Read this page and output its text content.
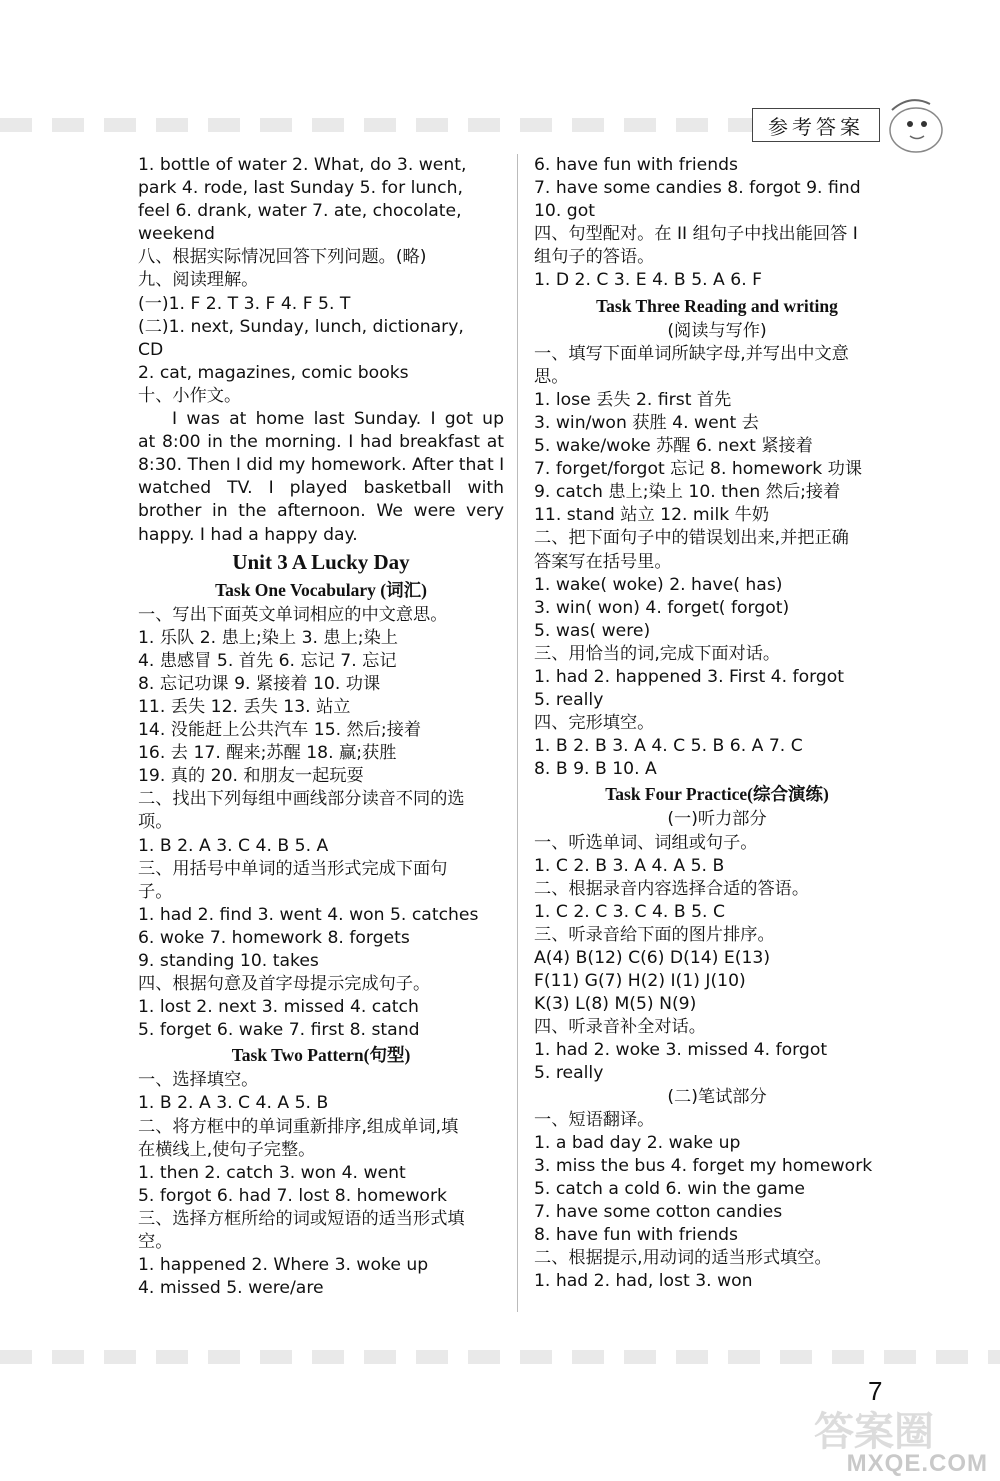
参考答案
1. bottle of water 2. What, do 3. went,
park 4. rode, last Sunday 5. for lunch,
feel 6. drank, water 7. ate, chocolate,
weekend
八、根据实际情况回答下列问题。(略)
九、阅读理解。
(一)1. F 2. T 3. F 4. F 5. T
(二)1. next, Sunday, lunch, dictionary,
CD
2. cat, magazines, comic books
十、小作文。
I was at home last Sunday. I got up
at 8:00 in the morning. I had breakfast at
8:30. Then I did my homework. After that I
watched TV. I played basketball with
brother in the afternoon. We were very
happy. I had a happy day.
Unit 3 A Lucky Day
Task One Vocabulary (词汇)
一、写出下面英文单词相应的中文意思。
1. 乐队 2. 患上;染上 3. 患上;染上
4. 患感冒 5. 首先 6. 忘记 7. 忘记
8. 忘记功课 9. 紧接着 10. 功课
11. 丢失 12. 丢失 13. 站立
14. 没能赶上公共汽车 15. 然后;接着
16. 去 17. 醒来;苏醒 18. 赢;获胜
19. 真的 20. 和朋友一起玩耍
二、找出下列每组中画线部分读音不同的选
项。
1. B 2. A 3. C 4. B 5. A
三、用括号中单词的适当形式完成下面句
子。
1. had 2. find 3. went 4. won 5. catches
6. woke 7. homework 8. forgets
9. standing 10. takes
四、根据句意及首字母提示完成句子。
1. lost 2. next 3. missed 4. catch
5. forget 6. wake 7. first 8. stand
Task Two Pattern(句型)
一、选择填空。
1. B 2. A 3. C 4. A 5. B
二、将方框中的单词重新排序,组成单词,填
在横线上,使句子完整。
1. then 2. catch 3. won 4. went
5. forgot 6. had 7. lost 8. homework
三、选择方框所给的词或短语的适当形式填
空。
1. happened 2. Where 3. woke up
4. missed 5. were/are
6. have fun with friends
7. have some candies 8. forgot 9. find
10. got
四、句型配对。在 II 组句子中找出能回答 I
组句子的答语。
1. D 2. C 3. E 4. B 5. A 6. F
Task Three Reading and writing
(阅读与写作)
一、填写下面单词所缺字母,并写出中文意
思。
1. lose 丢失 2. first 首先
3. win/won 获胜 4. went 去
5. wake/woke 苏醒 6. next 紧接着
7. forget/forgot 忘记 8. homework 功课
9. catch 患上;染上 10. then 然后;接着
11. stand 站立 12. milk 牛奶
二、把下面句子中的错误划出来,并把正确
答案写在括号里。
1. wake( woke) 2. have( has)
3. win( won) 4. forget( forgot)
5. was( were)
三、用恰当的词,完成下面对话。
1. had 2. happened 3. First 4. forgot
5. really
四、完形填空。
1. B 2. B 3. A 4. C 5. B 6. A 7. C
8. B 9. B 10. A
Task Four Practice(综合演练)
(一)听力部分
一、听选单词、词组或句子。
1. C 2. B 3. A 4. A 5. B
二、根据录音内容选择合适的答语。
1. C 2. C 3. C 4. B 5. C
三、听录音给下面的图片排序。
A(4) B(12) C(6) D(14) E(13)
F(11) G(7) H(2) I(1) J(10)
K(3) L(8) M(5) N(9)
四、听录音补全对话。
1. had 2. woke 3. missed 4. forgot
5. really
(二)笔试部分
一、短语翻译。
1. a bad day 2. wake up
3. miss the bus 4. forget my homework
5. catch a cold 6. win the game
7. have some cotton candies
8. have fun with friends
二、根据提示,用动词的适当形式填空。
1. had 2. had, lost 3. won
7
答案圈
MXQE.COM
